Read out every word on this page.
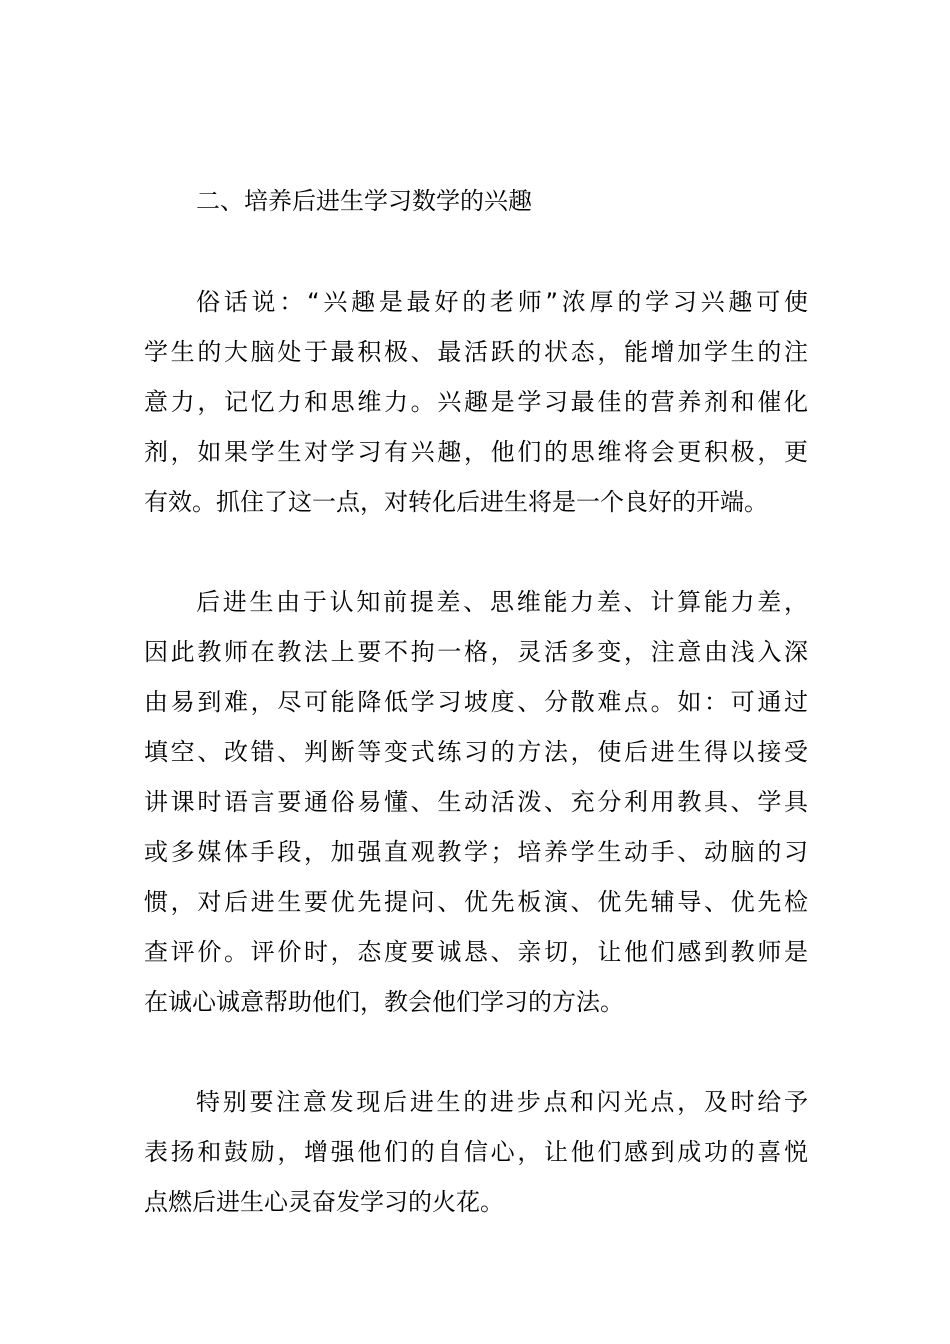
二、培养后进生学习数学的兴趣
俗话说：“兴趣是最好的老师”浓厚的学习兴趣可使
学生的大脑处于最积极、最活跃的状态，能增加学生的注
意力，记忆力和思维力。兴趣是学习最佳的营养剂和催化
剂，如果学生对学习有兴趣，他们的思维将会更积极，更
有效。抓住了这一点，对转化后进生将是一个良好的开端。
后进生由于认知前提差、思维能力差、计算能力差，
因此教师在教法上要不拘一格，灵活多变，注意由浅入深
由易到难，尽可能降低学习坡度、分散难点。如：可通过
填空、改错、判断等变式练习的方法，使后进生得以接受
讲课时语言要通俗易懂、生动活泼、充分利用教具、学具
或多媒体手段，加强直观教学；培养学生动手、动脑的习
惯，对后进生要优先提问、优先板演、优先辅导、优先检
查评价。评价时，态度要诚恳、亲切，让他们感到教师是
在诚心诚意帮助他们，教会他们学习的方法。
特别要注意发现后进生的进步点和闪光点，及时给予
表扬和鼓励，增强他们的自信心，让他们感到成功的喜悦
点燃后进生心灵奋发学习的火花。
